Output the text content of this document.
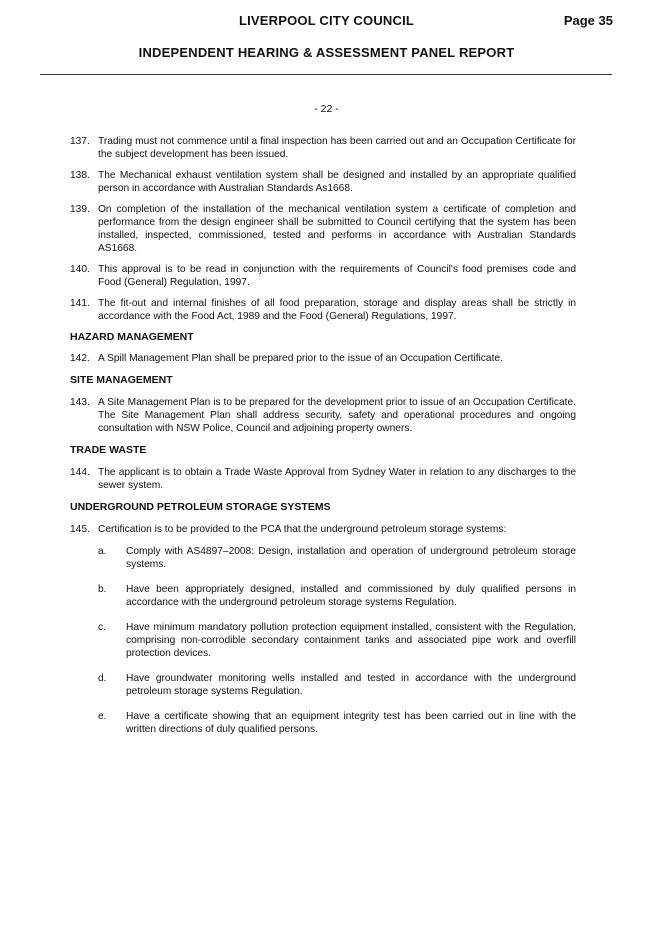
LIVERPOOL CITY COUNCIL	Page 35
INDEPENDENT HEARING & ASSESSMENT PANEL REPORT
- 22 -
137. Trading must not commence until a final inspection has been carried out and an Occupation Certificate for the subject development has been issued.
138. The Mechanical exhaust ventilation system shall be designed and installed by an appropriate qualified person in accordance with Australian Standards As1668.
139. On completion of the installation of the mechanical ventilation system a certificate of completion and performance from the design engineer shall be submitted to Council certifying that the system has been installed, inspected, commissioned, tested and performs in accordance with Australian Standards AS1668.
140. This approval is to be read in conjunction with the requirements of Council's food premises code and Food (General) Regulation, 1997.
141. The fit-out and internal finishes of all food preparation, storage and display areas shall be strictly in accordance with the Food Act, 1989 and the Food (General) Regulations, 1997.
HAZARD MANAGEMENT
142. A Spill Management Plan shall be prepared prior to the issue of an Occupation Certificate.
SITE MANAGEMENT
143. A Site Management Plan is to be prepared for the development prior to issue of an Occupation Certificate. The Site Management Plan shall address security, safety and operational procedures and ongoing consultation with NSW Police, Council and adjoining property owners.
TRADE WASTE
144. The applicant is to obtain a Trade Waste Approval from Sydney Water in relation to any discharges to the sewer system.
UNDERGROUND PETROLEUM STORAGE SYSTEMS
145. Certification is to be provided to the PCA that the underground petroleum storage systems:
a.	Comply with AS4897–2008: Design, installation and operation of underground petroleum storage systems.
b.	Have been appropriately designed, installed and commissioned by duly qualified persons in accordance with the underground petroleum storage systems Regulation.
c.	Have minimum mandatory pollution protection equipment installed, consistent with the Regulation, comprising non-corrodible secondary containment tanks and associated pipe work and overfill protection devices.
d.	Have groundwater monitoring wells installed and tested in accordance with the underground petroleum storage systems Regulation.
e.	Have a certificate showing that an equipment integrity test has been carried out in line with the written directions of duly qualified persons.
